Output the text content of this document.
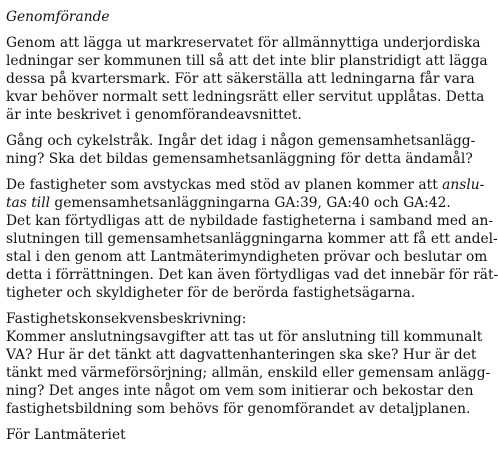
Genomförande
Genom att lägga ut markreservatet för allmännyttiga underjordiska
ledningar ser kommunen till så att det inte blir planstridigt att lägga
dessa på kvartersmark. För att säkerställa att ledningarna får vara
kvar behöver normalt sett ledningsrätt eller servitut upplåtas. Detta
är inte beskrivet i genomförandeavsnittet.
Gång och cykelstråk. Ingår det idag i någon gemensamhetsanlägg-
ning? Ska det bildas gemensamhetsanläggning för detta ändamål?
De fastigheter som avstyckas med stöd av planen kommer att anslu-
tas till gemensamhetsanläggningarna GA:39, GA:40 och GA:42.
Det kan förtydligas att de nybildade fastigheterna i samband med an-
slutningen till gemensamhetsanläggningarna kommer att få ett andel-
stal i den genom att Lantmäterimyndigheten prövar och beslutar om
detta i förrättningen. Det kan även förtydligas vad det innebär för rät-
tigheter och skyldigheter för de berörda fastighetsägarna.
Fastighetskonsekvensbeskrivning:
Kommer anslutningsavgifter att tas ut för anslutning till kommunalt
VA? Hur är det tänkt att dagvattenhanteringen ska ske? Hur är det
tänkt med värmeförsörjning; allmän, enskild eller gemensam anlägg-
ning? Det anges inte något om vem som initierar och bekostar den
fastighetsbildning som behövs för genomförandet av detaljplanen.
För Lantmäteriet
